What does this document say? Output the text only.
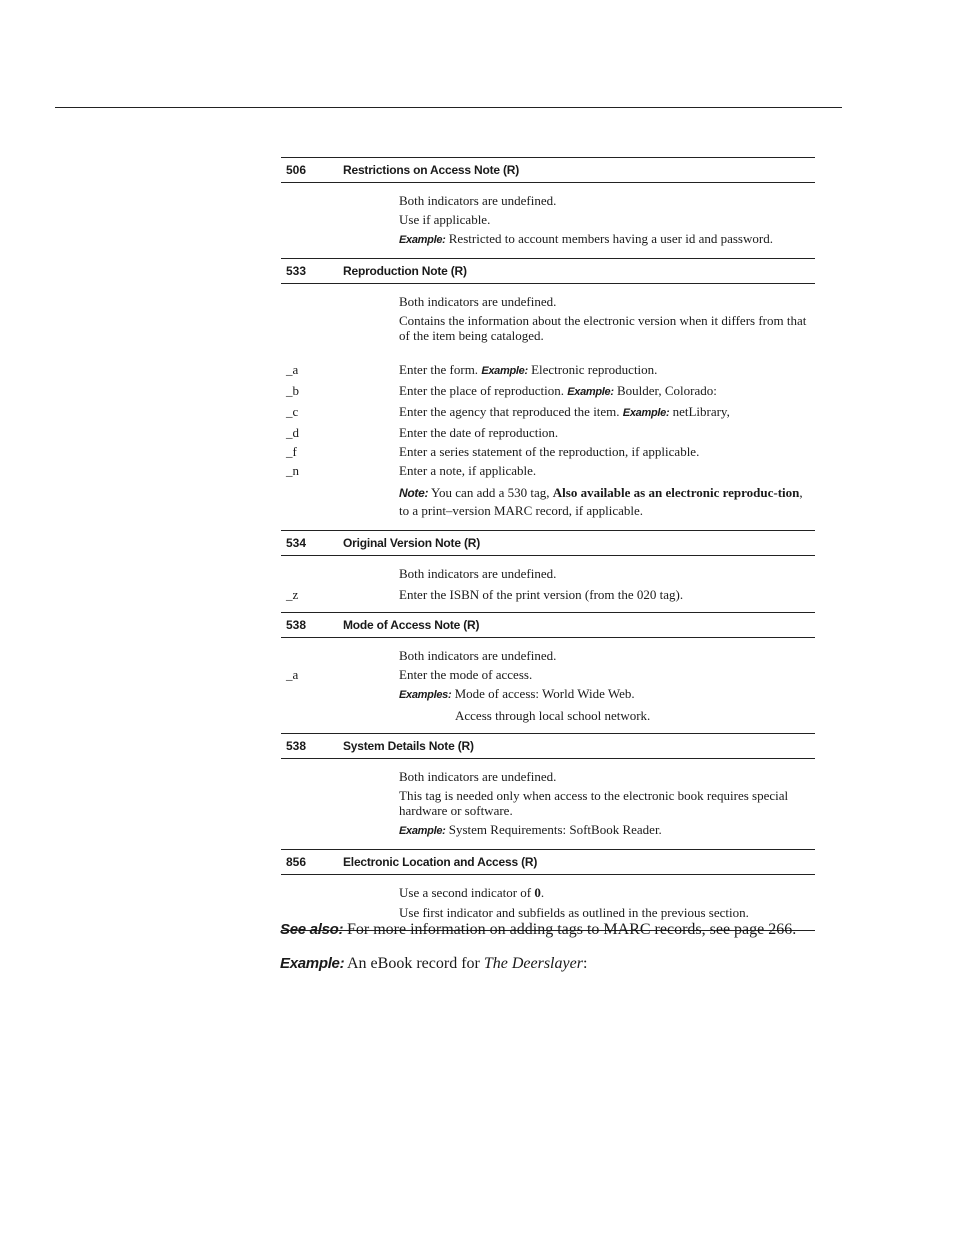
506	Restrictions on Access Note (R)
Both indicators are undefined.
Use if applicable.
Example: Restricted to account members having a user id and password.
533	Reproduction Note (R)
Both indicators are undefined.
Contains the information about the electronic version when it differs from that of the item being cataloged.
_a	Enter the form. Example: Electronic reproduction.
_b	Enter the place of reproduction. Example: Boulder, Colorado:
_c	Enter the agency that reproduced the item. Example: netLibrary,
_d	Enter the date of reproduction.
_f	Enter a series statement of the reproduction, if applicable.
_n	Enter a note, if applicable.
Note: You can add a 530 tag, Also available as an electronic reproduc-tion, to a print–version MARC record, if applicable.
534	Original Version Note (R)
Both indicators are undefined.
_z	Enter the ISBN of the print version (from the 020 tag).
538	Mode of Access Note (R)
Both indicators are undefined.
_a	Enter the mode of access.
Examples: Mode of access: World Wide Web.
Access through local school network.
538	System Details Note (R)
Both indicators are undefined.
This tag is needed only when access to the electronic book requires special hardware or software.
Example: System Requirements: SoftBook Reader.
856	Electronic Location and Access (R)
Use a second indicator of 0.
Use first indicator and subfields as outlined in the previous section.
See also: For more information on adding tags to MARC records, see page 266.
Example: An eBook record for The Deerslayer:
